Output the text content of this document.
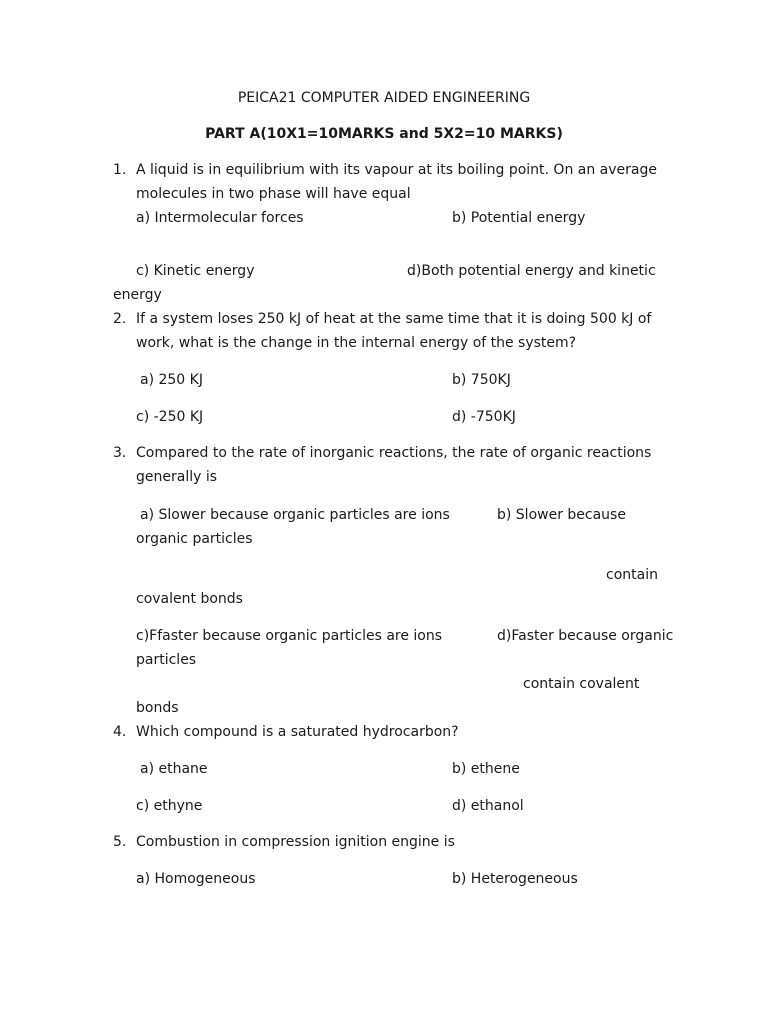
PEICA21 COMPUTER AIDED ENGINEERING
PART A(10X1=10MARKS and 5X2=10 MARKS)
1. A liquid is in equilibrium with its vapour at its boiling point. On an average
molecules in two phase will have equal
a) Intermolecular forces	b) Potential energy
c) Kinetic energy	d)Both potential energy and kinetic
energy
2. If a system loses 250 kJ of heat at the same time that it is doing 500 kJ of
work, what is the change in the internal energy of the system?
a) 250 KJ	b) 750KJ
c) -250 KJ	d) -750KJ
3. Compared to the rate of inorganic reactions, the rate of organic reactions
generally is
a) Slower because organic particles are ions	b) Slower because
organic particles
contain
covalent bonds
c)Ffaster because organic particles are ions	d)Faster because organic
particles
contain covalent
bonds
4. Which compound is a saturated hydrocarbon?
a) ethane	b) ethene
c) ethyne	d) ethanol
5. Combustion in compression ignition engine is
a) Homogeneous	b) Heterogeneous
